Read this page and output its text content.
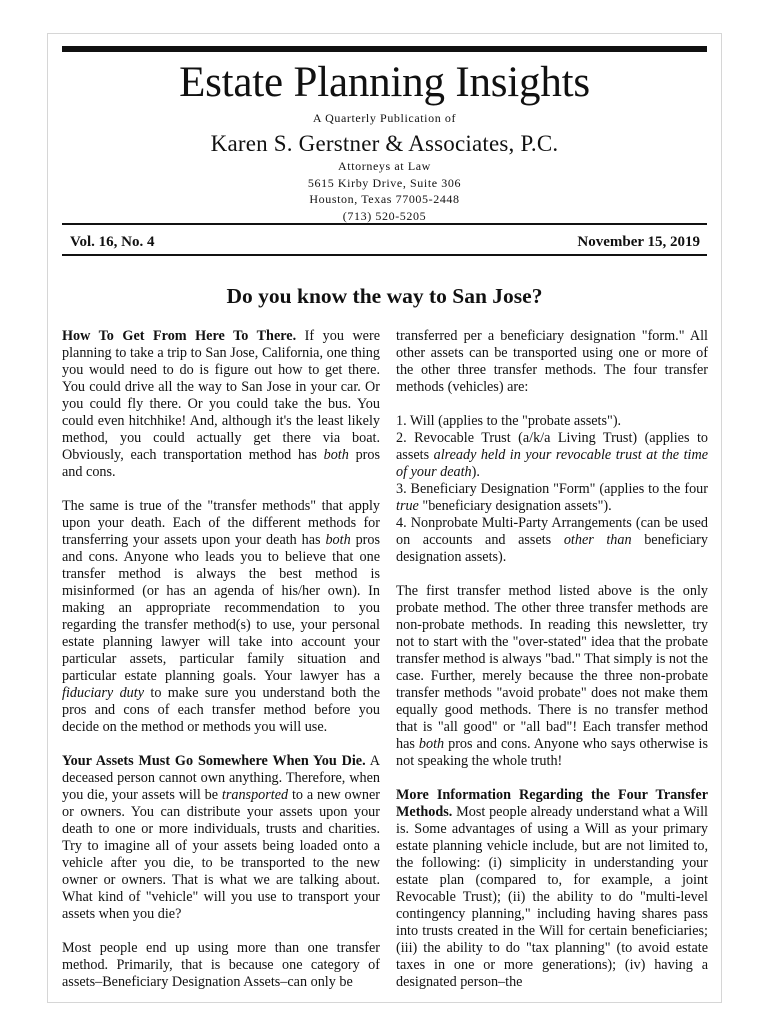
Estate Planning Insights
A Quarterly Publication of
Karen S. Gerstner & Associates, P.C.
Attorneys at Law
5615 Kirby Drive, Suite 306
Houston, Texas 77005-2448
(713) 520-5205
Vol. 16, No. 4	November 15, 2019
Do you know the way to San Jose?

How To Get From Here To There. If you were planning to take a trip to San Jose, California, one thing you would need to do is figure out how to get there. You could drive all the way to San Jose in your car. Or you could fly there. Or you could take the bus. You could even hitchhike! And, although it's the least likely method, you could actually get there via boat. Obviously, each transportation method has both pros and cons.

The same is true of the "transfer methods" that apply upon your death. Each of the different methods for transferring your assets upon your death has both pros and cons. Anyone who leads you to believe that one transfer method is always the best method is misinformed (or has an agenda of his/her own). In making an appropriate recommendation to you regarding the transfer method(s) to use, your personal estate planning lawyer will take into account your particular assets, particular family situation and particular estate planning goals. Your lawyer has a fiduciary duty to make sure you understand both the pros and cons of each transfer method before you decide on the method or methods you will use.

Your Assets Must Go Somewhere When You Die. A deceased person cannot own anything. Therefore, when you die, your assets will be transported to a new owner or owners. You can distribute your assets upon your death to one or more individuals, trusts and charities. Try to imagine all of your assets being loaded onto a vehicle after you die, to be transported to the new owner or owners. That is what we are talking about. What kind of "vehicle" will you use to transport your assets when you die?

Most people end up using more than one transfer method. Primarily, that is because one category of assets–Beneficiary Designation Assets–can only be

transferred per a beneficiary designation "form." All other assets can be transported using one or more of the other three transfer methods. The four transfer methods (vehicles) are:

1. Will (applies to the "probate assets").

2. Revocable Trust (a/k/a Living Trust) (applies to assets already held in your revocable trust at the time of your death).

3. Beneficiary Designation "Form" (applies to the four true "beneficiary designation assets").

4. Nonprobate Multi-Party Arrangements (can be used on accounts and assets other than beneficiary designation assets).

The first transfer method listed above is the only probate method. The other three transfer methods are non-probate methods. In reading this newsletter, try not to start with the "over-stated" idea that the probate transfer method is always "bad." That simply is not the case. Further, merely because the three non-probate transfer methods "avoid probate" does not make them equally good methods. There is no transfer method that is "all good" or "all bad"! Each transfer method has both pros and cons. Anyone who says otherwise is not speaking the whole truth!

More Information Regarding the Four Transfer Methods. Most people already understand what a Will is. Some advantages of using a Will as your primary estate planning vehicle include, but are not limited to, the following: (i) simplicity in understanding your estate plan (compared to, for example, a joint Revocable Trust); (ii) the ability to do "multi-level contingency planning," including having shares pass into trusts created in the Will for certain beneficiaries; (iii) the ability to do "tax planning" (to avoid estate taxes in one or more generations); (iv) having a designated person–the
